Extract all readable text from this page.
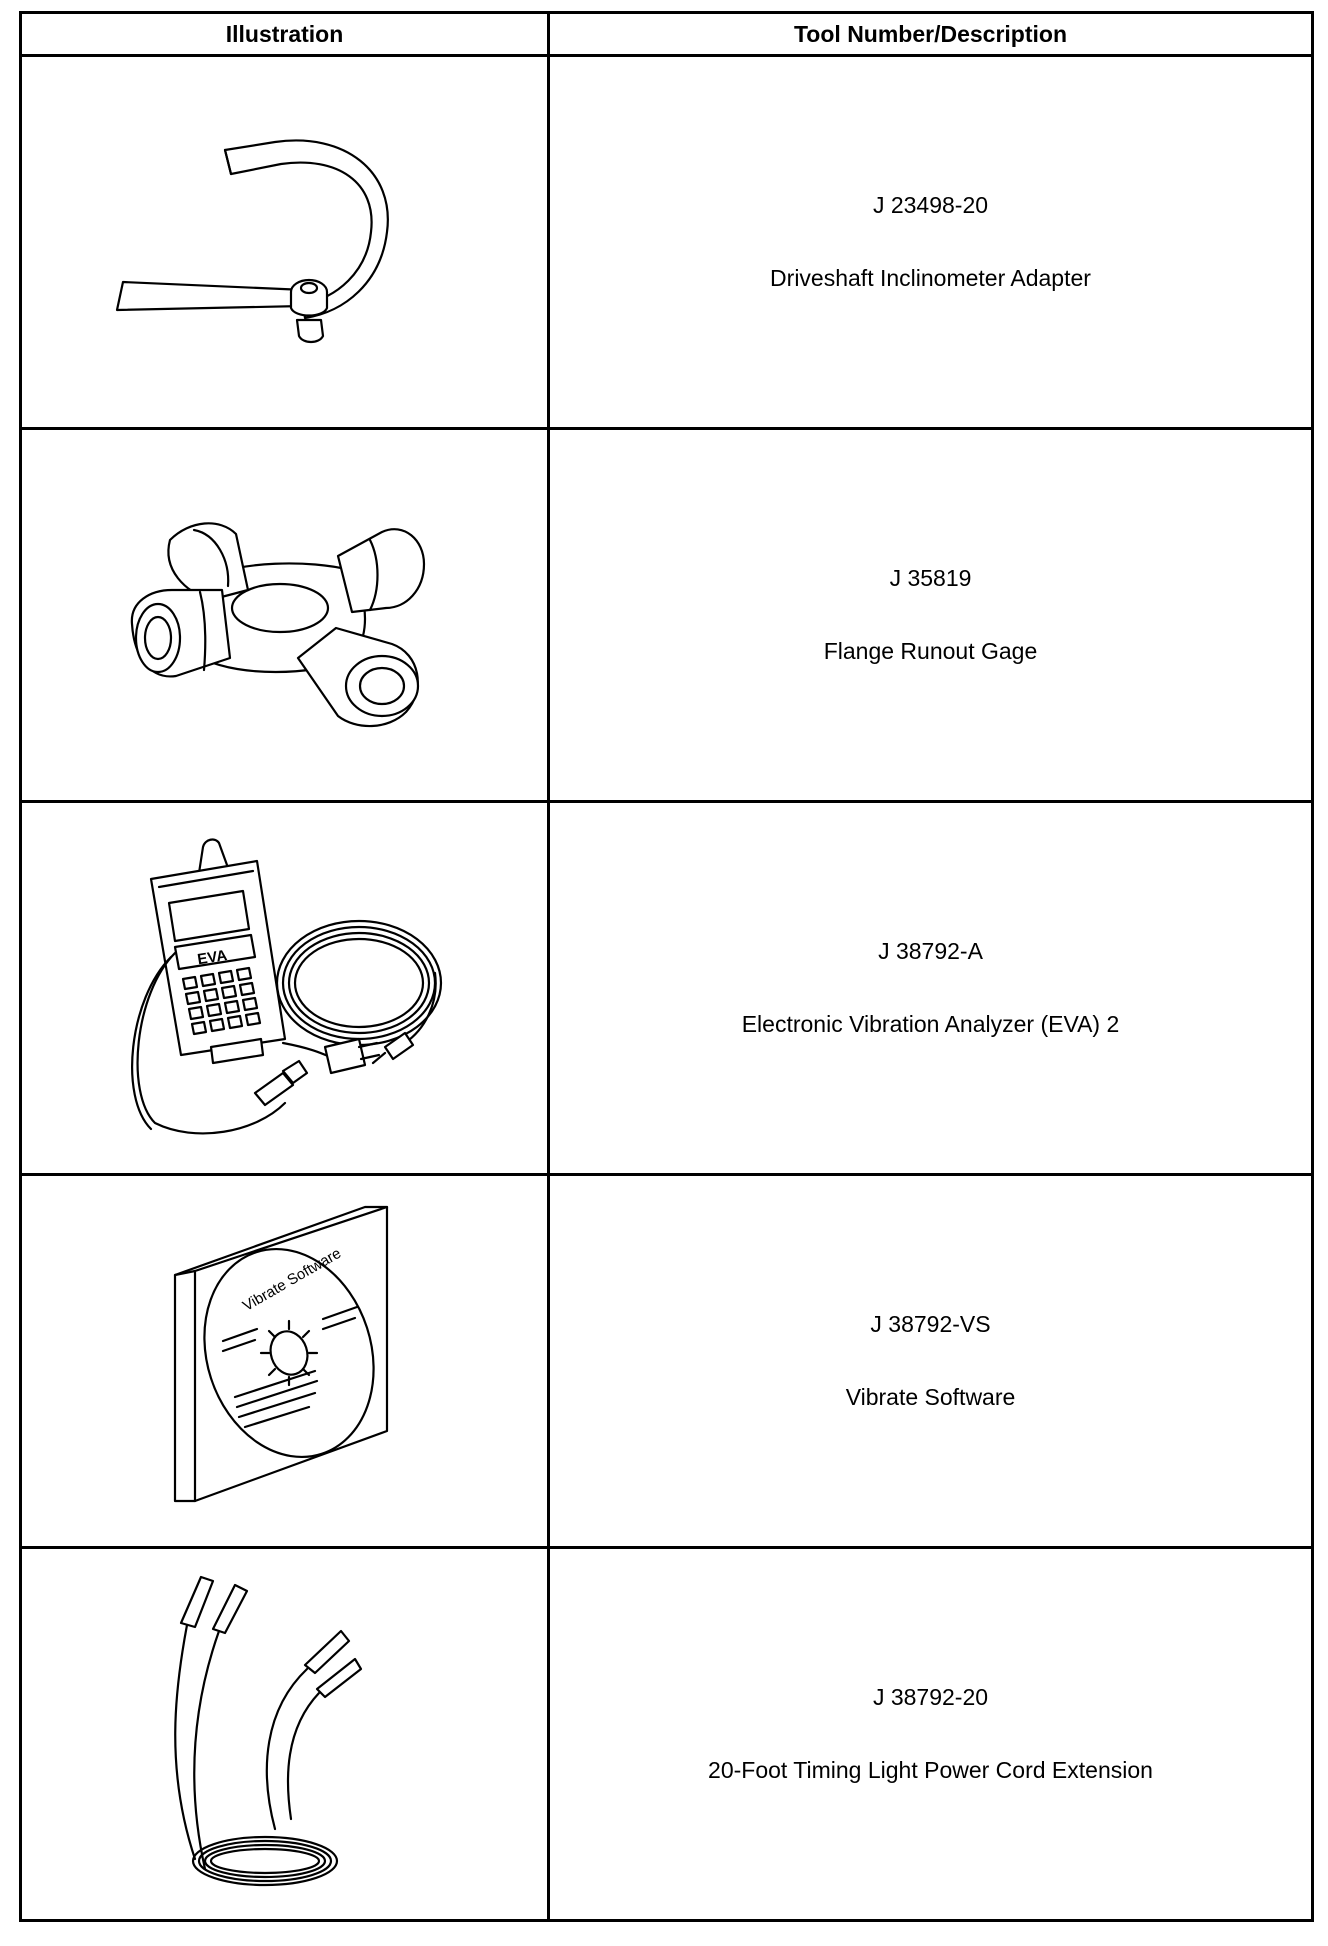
Illustration	Tool Number/Description

J 23498-20
Driveshaft Inclinometer Adapter

J 35819
Flange Runout Gage

EVA	J 38792-A
Electronic Vibration Analyzer (EVA) 2

Vibrate Software	J 38792-VS
Vibrate Software

J 38792-20
20-Foot Timing Light Power Cord Extension
